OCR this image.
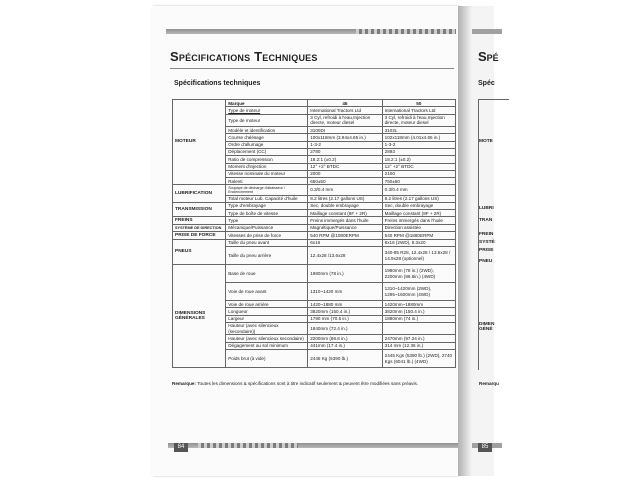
Spécifications Techniques
Spécifications techniques
MOTEUR	Marque	45	50
	Type de moteur	International Tractors Ltd	International Tractors Ltd
	Type de moteur	3 Cyl, refroidi à l'eau,Injection directe, moteur diesel	3 Cyl, refroidi à l'eau,Injection directe, moteur diesel
	Modèle et identification	3100DI	3102L
	Course d'alésage	100x118mm (3.94x4.65 in.)	102x118mm (4.01x4.65 in.)
	Ordre d'allumage	1-3-2	1-3-2
	Déplacement (CC)	2780	2893
	Ratio de compression	18.2:1 (±0.2)	18.2:1 (±0.2)
	Moment d'injection	12° +2° BTDC	12° +2° BTDC
	Vitesse nominale du moteur	2000	2100
	Ralenti	650±50	750±50
LUBRIFICATION	Soupape de décharge d'abaisseur / Enclenchement	0.3/0.4 mm	0.3/0.4 mm
	Total moteur Lub. Capacité d'huile	8.2 litres (2.17 gallons US)	8.2 litres (2.17 gallons US)
TRANSMISSION	Type d'embrayage	Sec, double embrayage	Sec, double embrayage
	Type de boîte de vitesse	Maillage constant (8F + 2R)	Maillage constant (8F + 2R)
FREINS	Type	Freins immergés dans l'huile	Freins immergés dans l'huile
SYSTÈME DE DIRECTION	Mécanique/Puissance	Magnétique/Puissance	Direction assistée
PRISE DE FORCE	Vitesses de prise de force	540 RPM @1080ERPM	540 RPM @1880ERPM
PNEUS	Taille du pneu avant	6x16	6x16 (2WD), 8.3x20
	Taille du pneu arrière	12.4x28 /13.6x28	340-85 R28, 12.4x28 / 13.6x28 / 14.9x28 (optionnel)
DIMENSIONS GÉNÉRALES	Base de roue	1980mm (78 in.)	1980mm (78 in.) (2WD), 2200mm (86.6in.) (4WD)
	Voie de roue avant	1310~1420 mm	1310~1420mm (2WD), 1295~1600mm (4WD)
	Voie de roue arrière	1420~1880 mm	1420mm~1880mm
	Longueur	3820mm (150.4 in.)	3820mm (150.4 in.)
	Largeur	1790 mm (70.5 in.)	1880mm (74 in.)
	Hauteur (avec silencieux (secondaire))	1840mm (72.4 in.)	
	Hauteur (avec silencieux secondaire)	2200mm (86.6 in.)	2470mm (97.24 in.)
	Dégagement au sol minimum	441mm (17.4 in.)	314 mm (12.36 in.)
	Poids brut (à vide)	2445 Kg (5390 lb.)	2445 Kgs (5390 lb.) (2WD), 2740 Kgs (6041 lb.) (4WD)
Remarque: Toutes les dimensions & spécifications sont à titre indicatif seulement & peuvent être modifiées sans préavis.
84
Spé
Spéc
MOTE
LUBRI
TRAN
FREIN
SYSTÈ
PRISE
PNEU
DIMEN GÉNÉ
Remarqu
85
